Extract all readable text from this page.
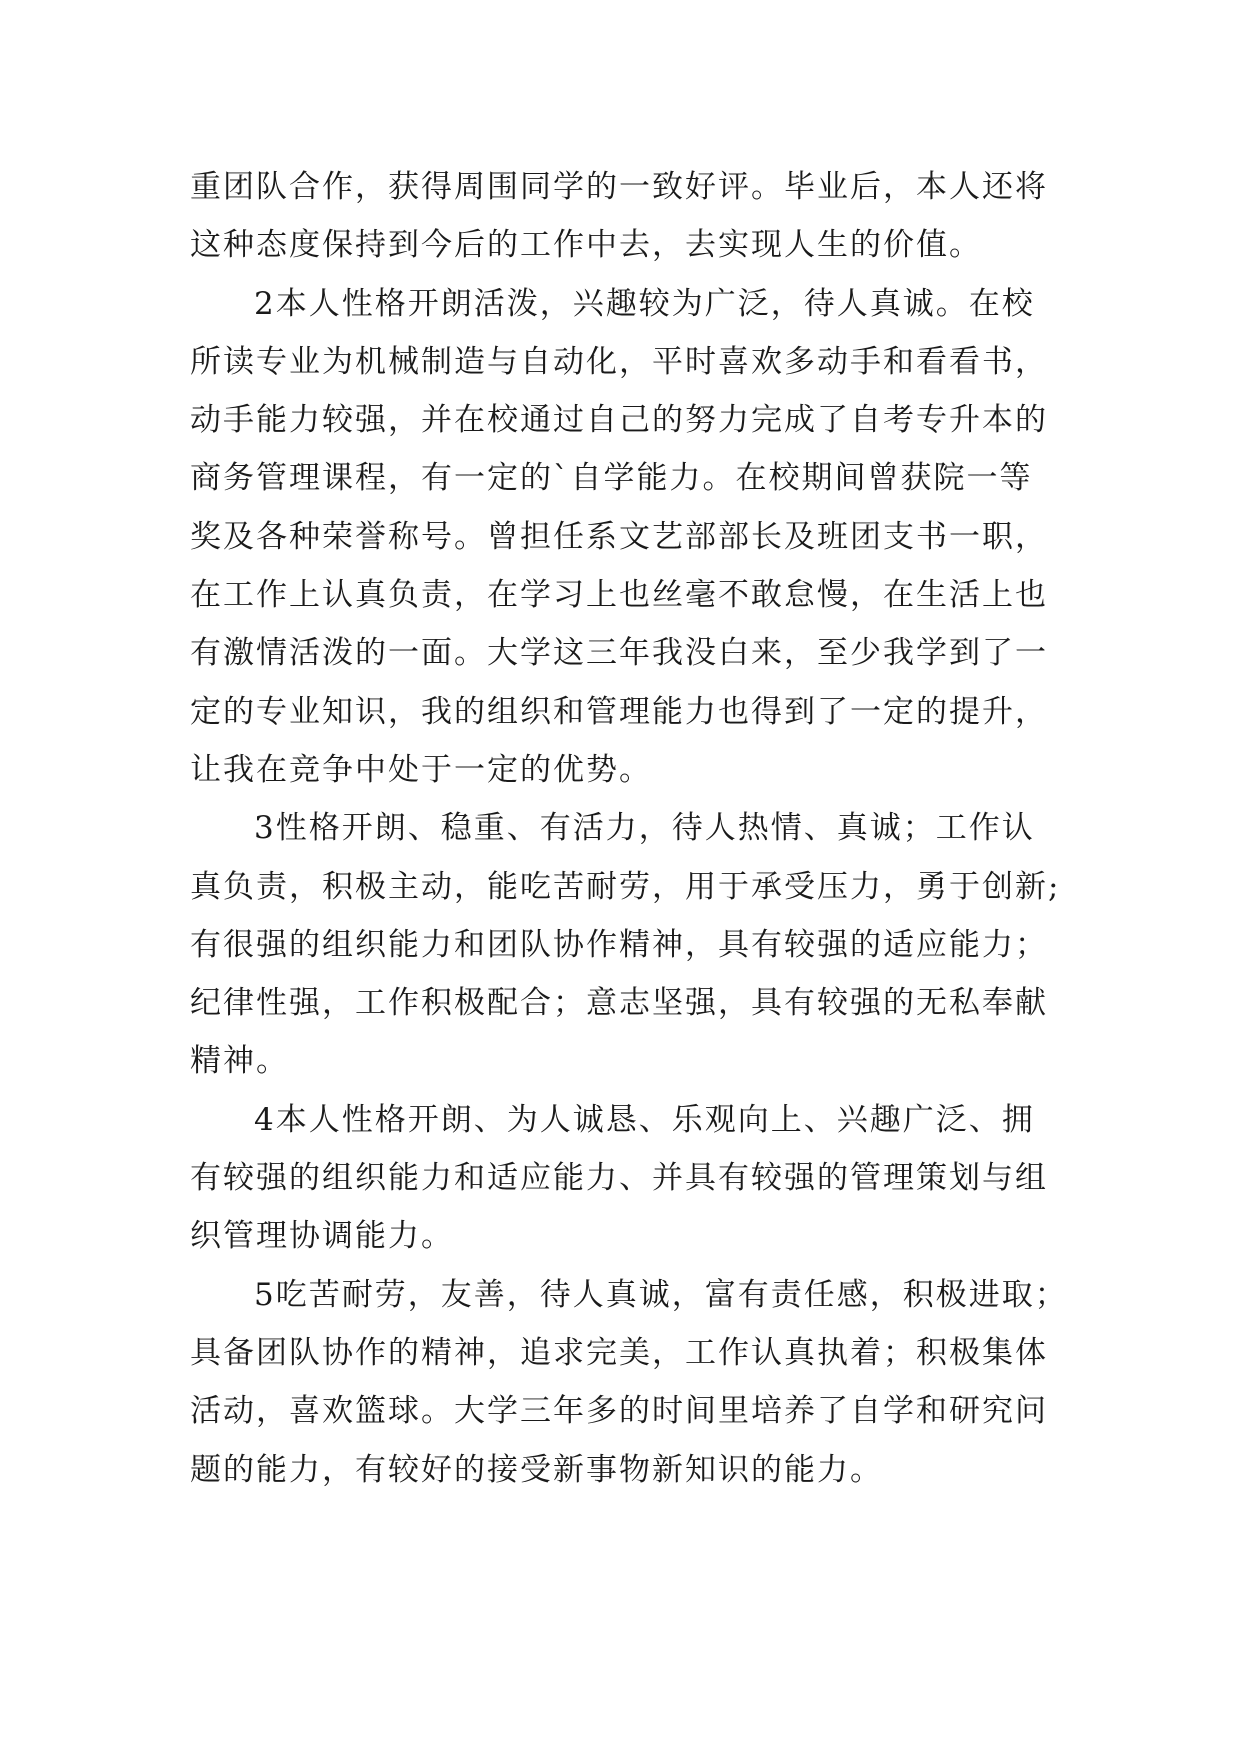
重团队合作，获得周围同学的一致好评。毕业后，本人还将
这种态度保持到今后的工作中去，去实现人生的价值。
2本人性格开朗活泼，兴趣较为广泛，待人真诚。在校
所读专业为机械制造与自动化，平时喜欢多动手和看看书，
动手能力较强，并在校通过自己的努力完成了自考专升本的
商务管理课程，有一定的`自学能力。在校期间曾获院一等
奖及各种荣誉称号。曾担任系文艺部部长及班团支书一职，
在工作上认真负责，在学习上也丝毫不敢怠慢，在生活上也
有激情活泼的一面。大学这三年我没白来，至少我学到了一
定的专业知识，我的组织和管理能力也得到了一定的提升，
让我在竞争中处于一定的优势。
3性格开朗、稳重、有活力，待人热情、真诚；工作认
真负责，积极主动，能吃苦耐劳，用于承受压力，勇于创新;
有很强的组织能力和团队协作精神，具有较强的适应能力；
纪律性强，工作积极配合；意志坚强，具有较强的无私奉献
精神。
4本人性格开朗、为人诚恳、乐观向上、兴趣广泛、拥
有较强的组织能力和适应能力、并具有较强的管理策划与组
织管理协调能力。
5吃苦耐劳，友善，待人真诚，富有责任感，积极进取；
具备团队协作的精神，追求完美，工作认真执着；积极集体
活动，喜欢篮球。大学三年多的时间里培养了自学和研究问
题的能力，有较好的接受新事物新知识的能力。
